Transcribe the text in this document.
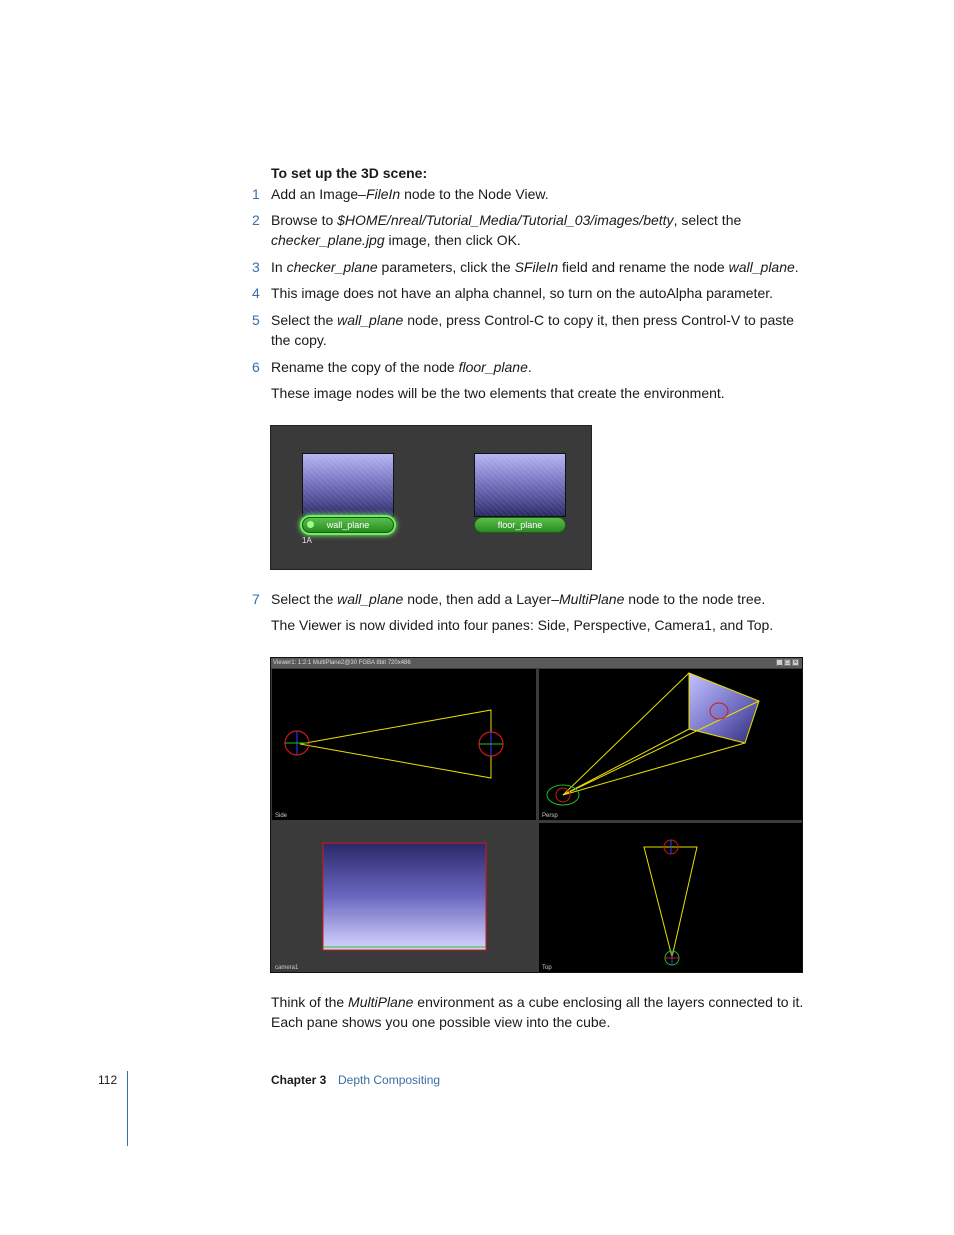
To set up the 3D scene:
1 Add an Image–FileIn node to the Node View.
2 Browse to $HOME/nreal/Tutorial_Media/Tutorial_03/images/betty, select the checker_plane.jpg image, then click OK.
3 In checker_plane parameters, click the SFileIn field and rename the node wall_plane.
4 This image does not have an alpha channel, so turn on the autoAlpha parameter.
5 Select the wall_plane node, press Control-C to copy it, then press Control-V to paste the copy.
6 Rename the copy of the node floor_plane.
These image nodes will be the two elements that create the environment.
wall_plane
1A
floor_plane
7 Select the wall_plane node, then add a Layer–MultiPlane node to the node tree.
The Viewer is now divided into four panes: Side, Perspective, Camera1, and Top.
Viewer1: 1:2:1 MultiPlane2@30 FGBA 8bit 720x486	_ □ ×
Side	Persp
camera1	Top
Think of the MultiPlane environment as a cube enclosing all the layers connected to it. Each pane shows you one possible view into the cube.
112	Chapter 3 Depth Compositing
